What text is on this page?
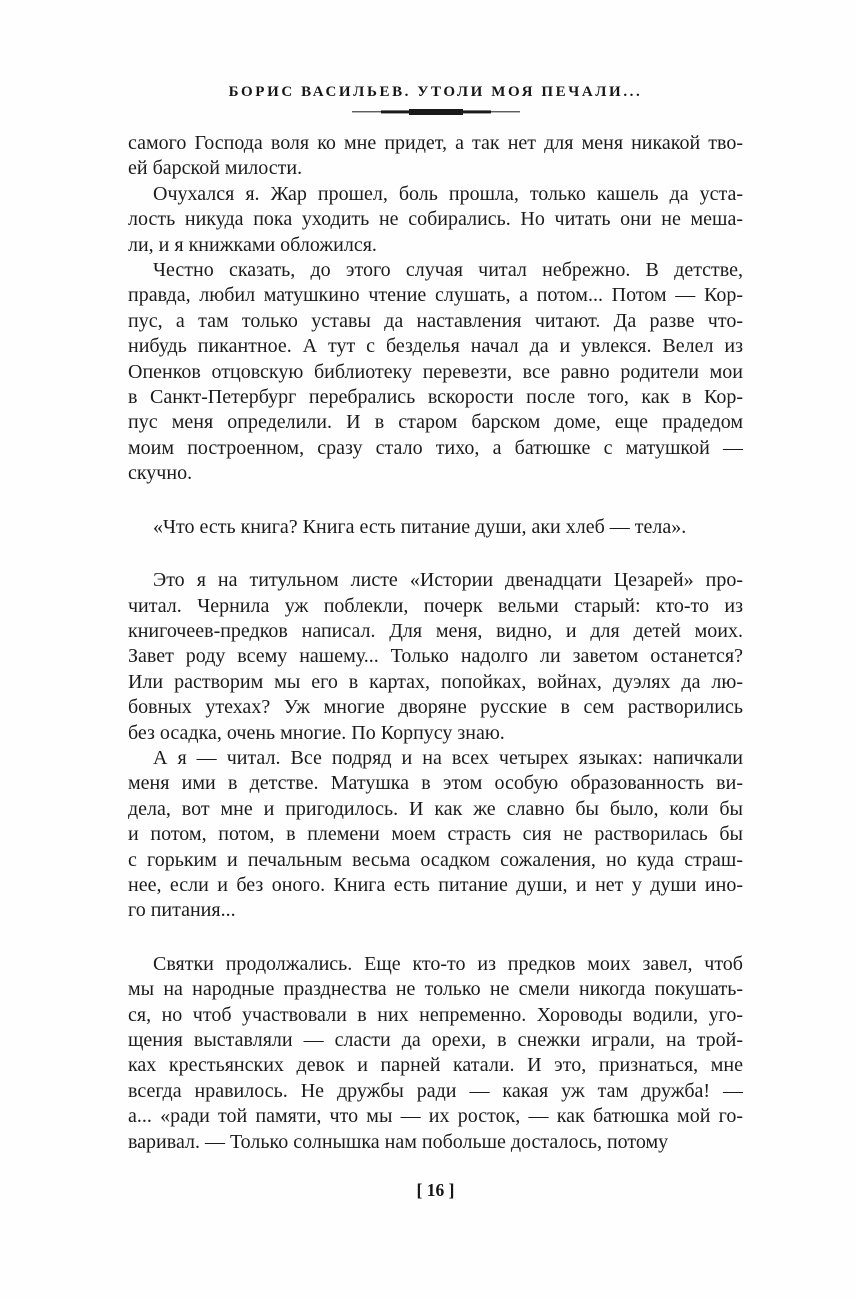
БОРИС ВАСИЛЬЕВ. УТОЛИ МОЯ ПЕЧАЛИ...
самого Господа воля ко мне придет, а так нет для меня никакой тво-
ей барской милости.
Очухался я. Жар прошел, боль прошла, только кашель да уста-
лость никуда пока уходить не собирались. Но читать они не меша-
ли, и я книжками обложился.
Честно сказать, до этого случая читал небрежно. В детстве,
правда, любил матушкино чтение слушать, а потом... Потом — Кор-
пус, а там только уставы да наставления читают. Да разве что-
нибудь пикантное. А тут с безделья начал да и увлекся. Велел из
Опенков отцовскую библиотеку перевезти, все равно родители мои
в Санкт-Петербург перебрались вскорости после того, как в Кор-
пус меня определили. И в старом барском доме, еще прадедом
моим построенном, сразу стало тихо, а батюшке с матушкой —
скучно.
«Что есть книга? Книга есть питание души, аки хлеб — тела».
Это я на титульном листе «Истории двенадцати Цезарей» про-
читал. Чернила уж поблекли, почерк вельми старый: кто-то из
книгочеев-предков написал. Для меня, видно, и для детей моих.
Завет роду всему нашему... Только надолго ли заветом останется?
Или растворим мы его в картах, попойках, войнах, дуэлях да лю-
бовных утехах? Уж многие дворяне русские в сем растворились
без осадка, очень многие. По Корпусу знаю.
А я — читал. Все подряд и на всех четырех языках: напичкали
меня ими в детстве. Матушка в этом особую образованность ви-
дела, вот мне и пригодилось. И как же славно бы было, коли бы
и потом, потом, в племени моем страсть сия не растворилась бы
с горьким и печальным весьма осадком сожаления, но куда страш-
нее, если и без оного. Книга есть питание души, и нет у души ино-
го питания...
Святки продолжались. Еще кто-то из предков моих завел, чтоб
мы на народные празднества не только не смели никогда покушать-
ся, но чтоб участвовали в них непременно. Хороводы водили, уго-
щения выставляли — сласти да орехи, в снежки играли, на трой-
ках крестьянских девок и парней катали. И это, признаться, мне
всегда нравилось. Не дружбы ради — какая уж там дружба! —
а... «ради той памяти, что мы — их росток, — как батюшка мой го-
варивал. — Только солнышка нам побольше досталось, потому
[ 16 ]
